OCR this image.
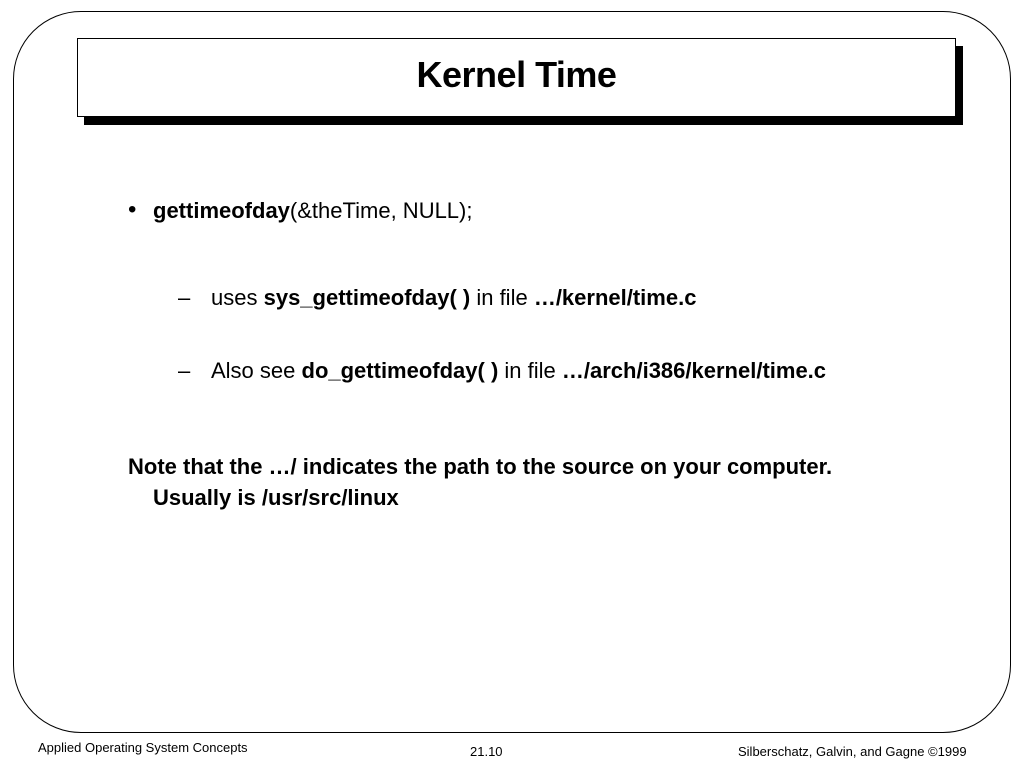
Kernel Time
• gettimeofday(&theTime, NULL);
– uses sys_gettimeofday( ) in file …/kernel/time.c
– Also see do_gettimeofday( ) in file …/arch/i386/kernel/time.c
Note that the …/ indicates the path to the source on your computer.
Usually is /usr/src/linux
Applied Operating System Concepts	21.10	Silberschatz, Galvin, and Gagne ©1999
